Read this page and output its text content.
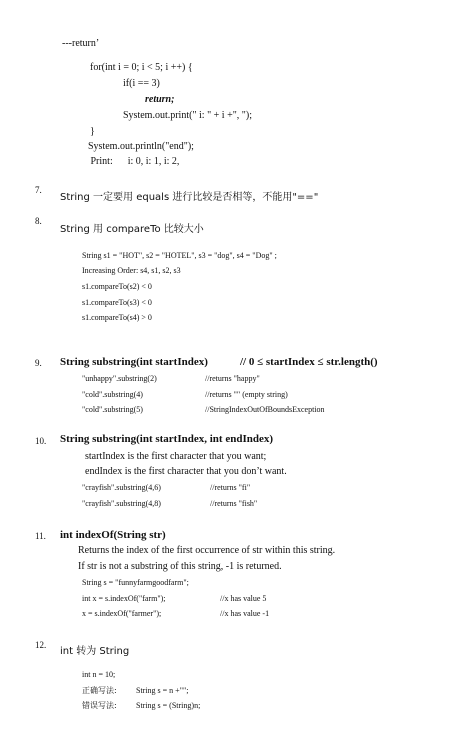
---return’
for(int i = 0; i < 5; i ++) {
if(i == 3)
return;
System.out.print(" i: " + i +", ");
}
System.out.println("end");
Print:      i: 0, i: 1, i: 2,
7.
String 一定要用 equals 进行比较是否相等，不能用"=="
8.
String 用 compareTo 比较大小
String s1 = "HOT", s2 = "HOTEL", s3 = "dog", s4 = "Dog" ;
Increasing Order: s4, s1, s2, s3
s1.compareTo(s2) < 0
s1.compareTo(s3) < 0
s1.compareTo(s4) > 0
9. String substring(int startIndex)	// 0 ≤ startIndex ≤ str.length()
"unhappy".substring(2)	//returns "happy"
"cold".substring(4)	//returns "" (empty string)
"cold".substring(5)	//StringIndexOutOfBoundsException
10. String substring(int startIndex, int endIndex)
startIndex is the first character that you want;
endIndex is the first character that you don’t want.
"crayfish".substring(4,6)	//returns "fi"
"crayfish".substring(4,8)	//returns "fish"
11. int indexOf(String str)
Returns the index of the first occurrence of str within this string.
If str is not a substring of this string, -1 is returned.
String s = "funnyfarmgoodfarm";
int x = s.indexOf("farm");	//x has value 5
x = s.indexOf("farmer");	//x has value -1
12.
int 转为 String
int n = 10;
正确写法: String s = n +"";
错误写法: String s = (String)n;
